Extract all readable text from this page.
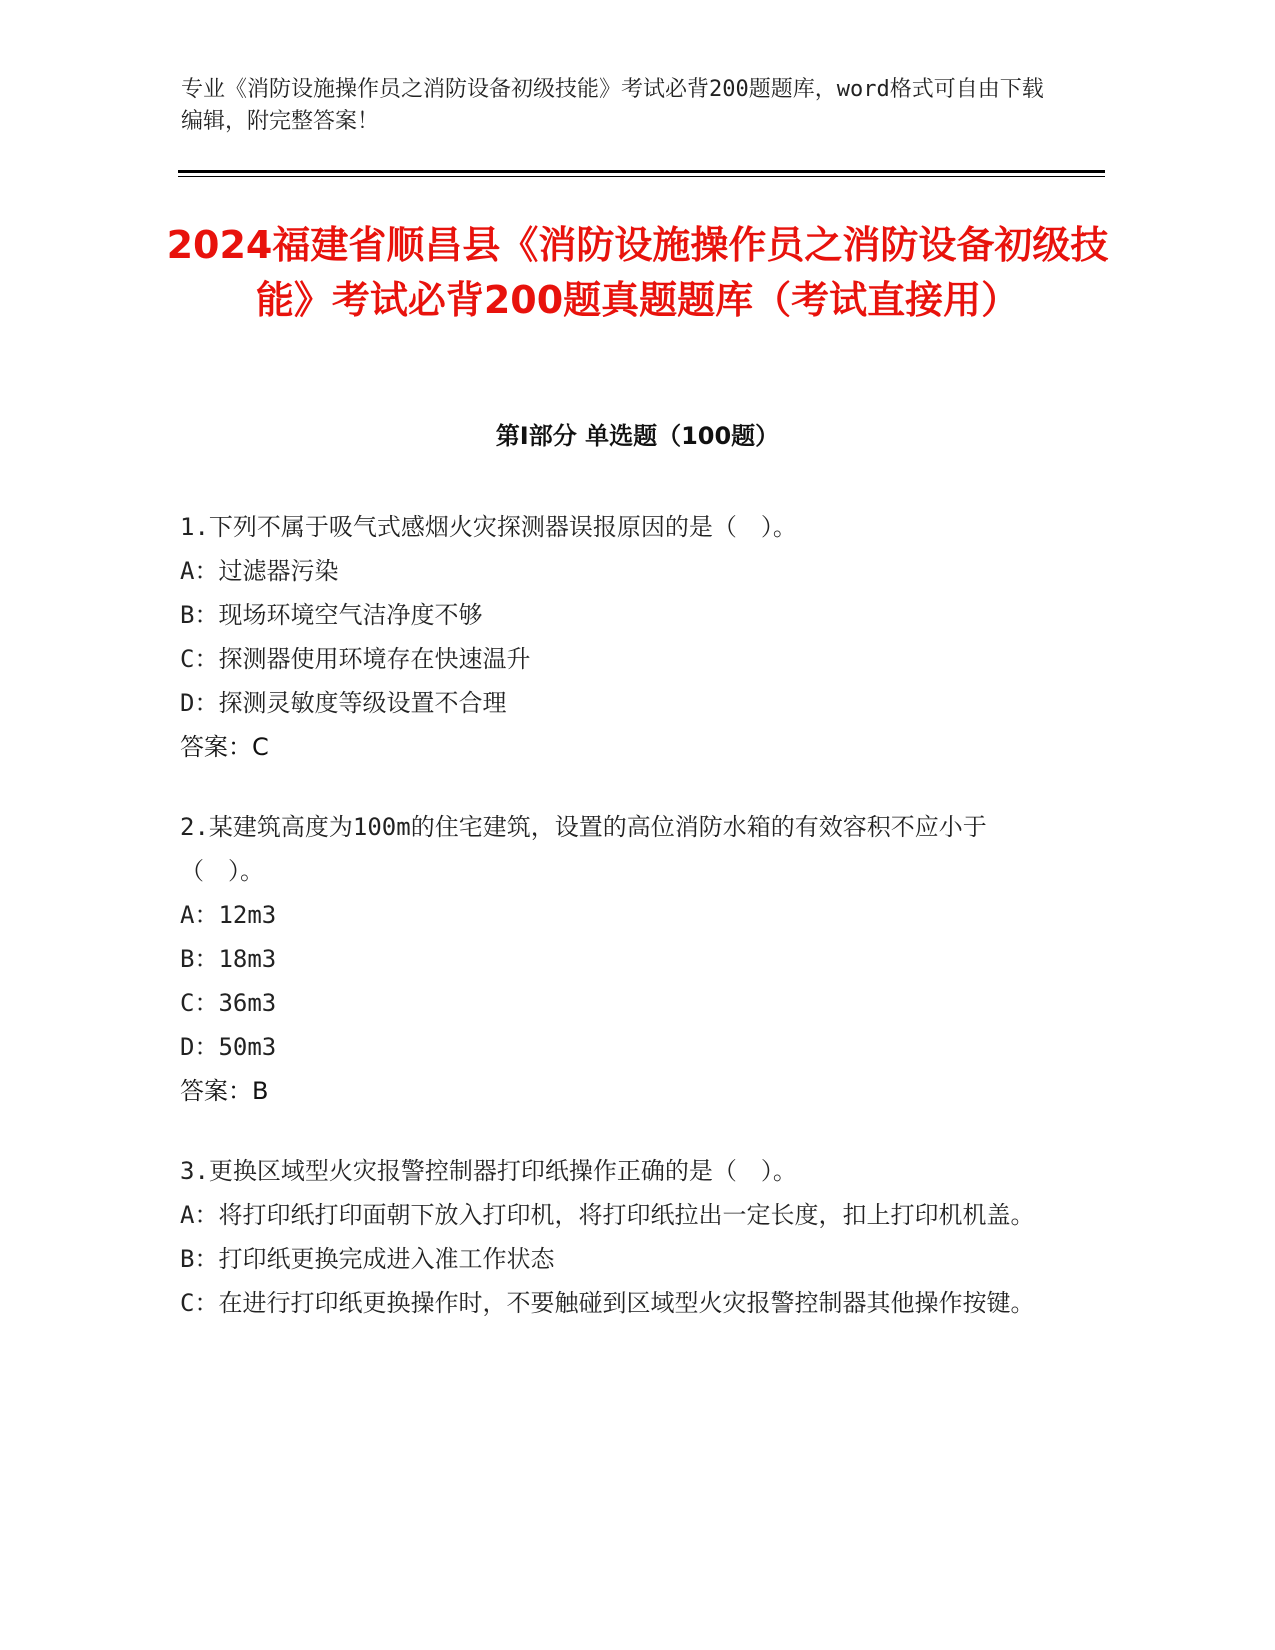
专业《消防设施操作员之消防设备初级技能》考试必背200题题库，word格式可自由下载编辑，附完整答案！
2024福建省顺昌县《消防设施操作员之消防设备初级技能》考试必背200题真题题库（考试直接用）
第Ⅰ部分 单选题（100题）

1.下列不属于吸气式感烟火灾探测器误报原因的是（　）。

A：过滤器污染

B：现场环境空气洁净度不够

C：探测器使用环境存在快速温升

D：探测灵敏度等级设置不合理

答案：C

2.某建筑高度为100m的住宅建筑，设置的高位消防水箱的有效容积不应小于（　）。

A：12m3

B：18m3

C：36m3

D：50m3

答案：B

3.更换区域型火灾报警控制器打印纸操作正确的是（　）。

A：将打印纸打印面朝下放入打印机，将打印纸拉出一定长度，扣上打印机机盖。

B：打印纸更换完成进入准工作状态

C：在进行打印纸更换操作时，不要触碰到区域型火灾报警控制器其他操作按键。
